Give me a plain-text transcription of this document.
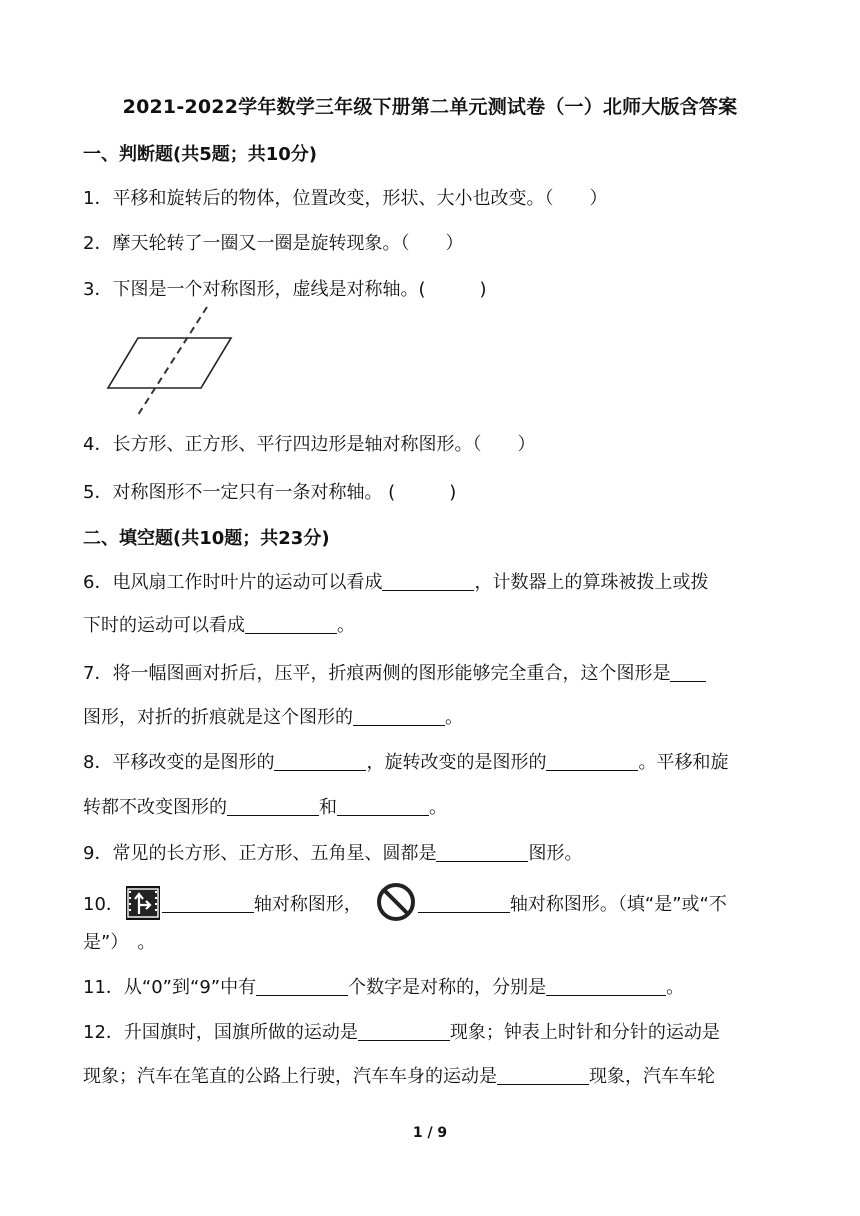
2021-2022学年数学三年级下册第二单元测试卷（一）北师大版含答案
一、判断题(共5题；共10分)
1．平移和旋转后的物体，位置改变，形状、大小也改变。（　　）
2．摩天轮转了一圈又一圈是旋转现象。（　　）
3．下图是一个对称图形，虚线是对称轴。(　　　)
4．长方形、正方形、平行四边形是轴对称图形。（　　）
5．对称图形不一定只有一条对称轴。 (　　　)
二、填空题(共10题；共23分)
6．电风扇工作时叶片的运动可以看成	，计数器上的算珠被拨上或拨
下时的运动可以看成	。
7．将一幅图画对折后，压平，折痕两侧的图形能够完全重合，这个图形是
图形，对折的折痕就是这个图形的	。
8．平移改变的是图形的	，旋转改变的是图形的	。平移和旋
转都不改变图形的	和	。
9．常见的长方形、正方形、五角星、圆都是	图形。
10．	轴对称图形，	轴对称图形。（填“是”或“不
是”）　。
11．从“0”到“9”中有	个数字是对称的，分别是	。
12．升国旗时，国旗所做的运动是	现象；钟表上时针和分针的运动是
现象；汽车在笔直的公路上行驶，汽车车身的运动是	现象，汽车车轮
1 / 9
